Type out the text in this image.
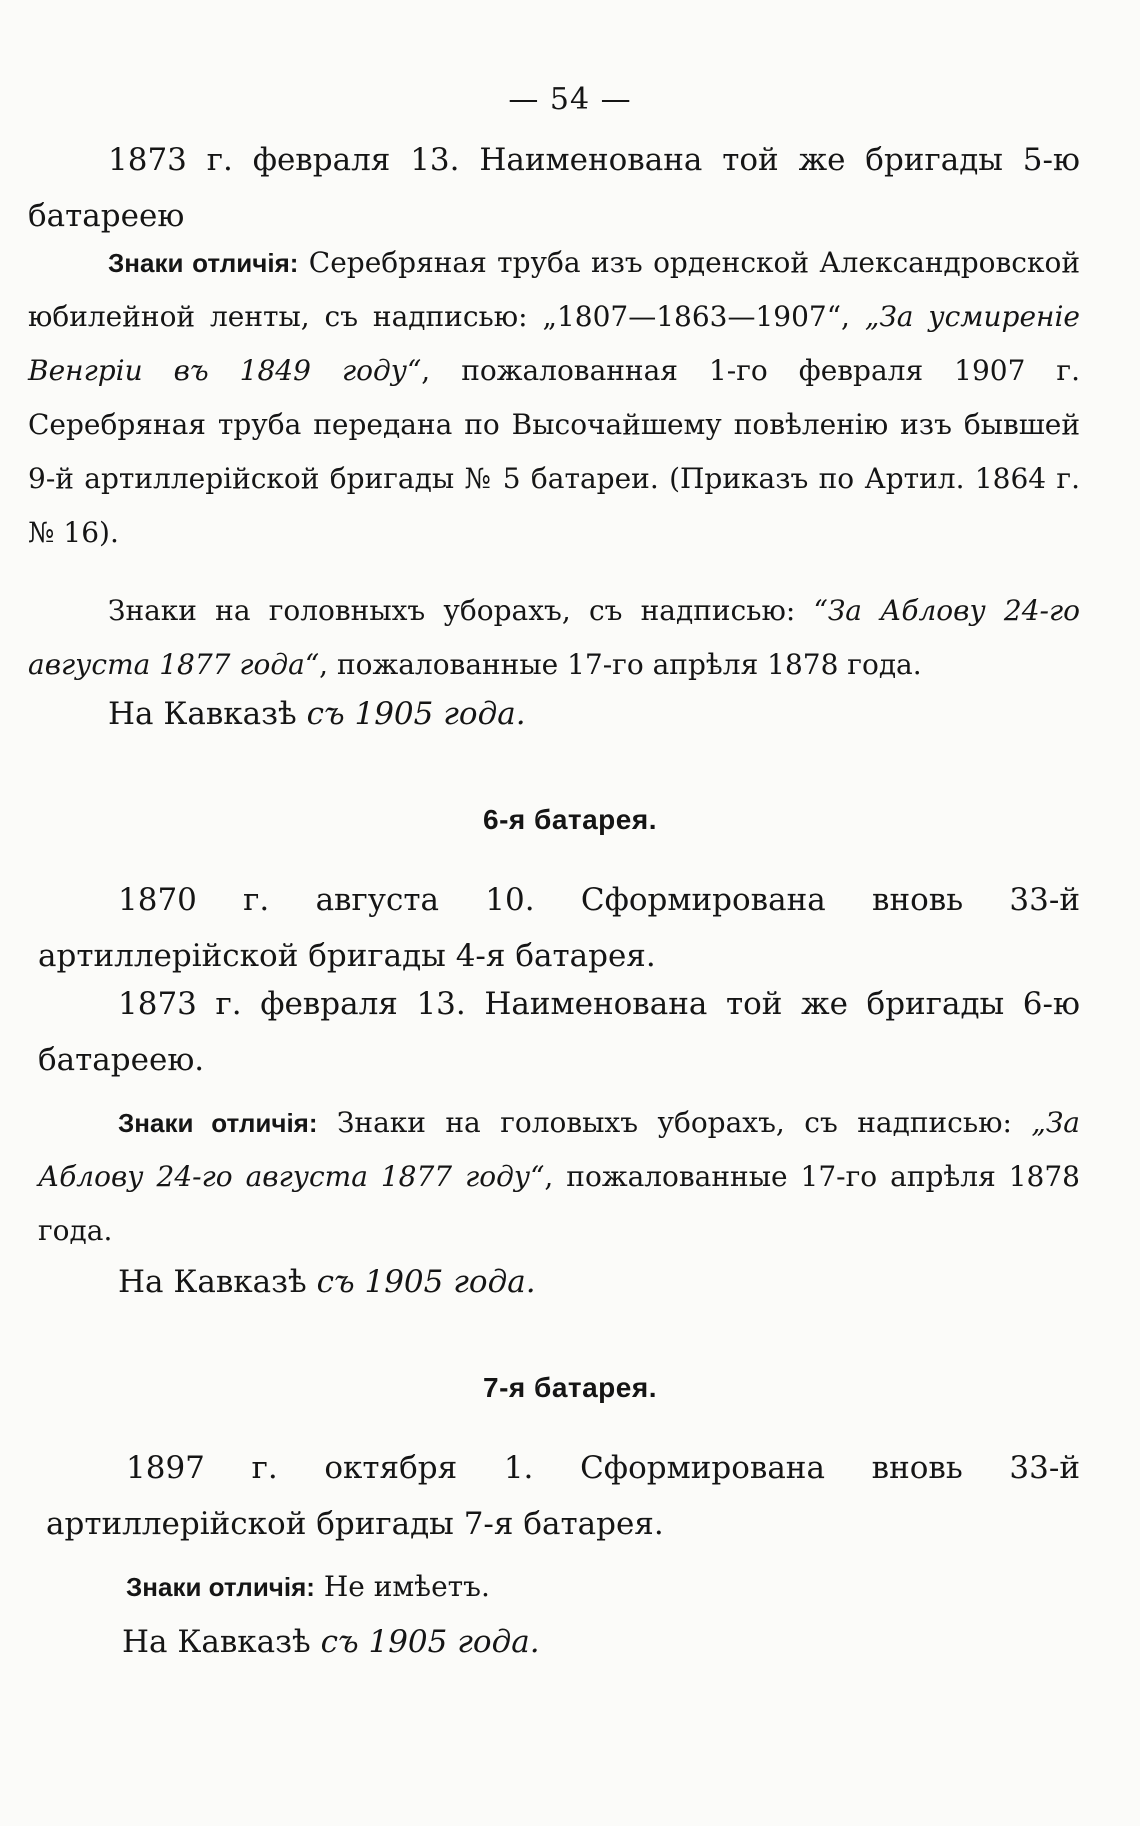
— 54 —

1873 г. февраля 13. Наименована той же бригады 5-ю батареею

Знаки отличія: Серебряная труба изъ орденской Александровской юбилейной ленты, съ надписью: „1807—1863—1907“, „За усмиреніе Венгріи въ 1849 году“, пожалованная 1-го февраля 1907 г. Серебряная труба передана по Высочайшему повѣленію изъ бывшей 9-й артиллерійской бригады № 5 батареи. (Приказъ по Артил. 1864 г. № 16).

Знаки на головныхъ уборахъ, съ надписью: “За Аблову 24-го августа 1877 года“, пожалованные 17-го апрѣля 1878 года.

На Кавказѣ съ 1905 года.

6-я батарея.

1870 г. августа 10. Сформирована вновь 33-й артиллерійской бригады 4-я батарея.

1873 г. февраля 13. Наименована той же бригады 6-ю батареею.

Знаки отличія: Знаки на головыхъ уборахъ, съ надписью: „За Аблову 24-го августа 1877 году“, пожалованные 17-го апрѣля 1878 года.

На Кавказѣ съ 1905 года.

7-я батарея.

1897 г. октября 1. Сформирована вновь 33-й артиллерійской бригады 7-я батарея.

Знаки отличія: Не имѣетъ.

На Кавказѣ съ 1905 года.
